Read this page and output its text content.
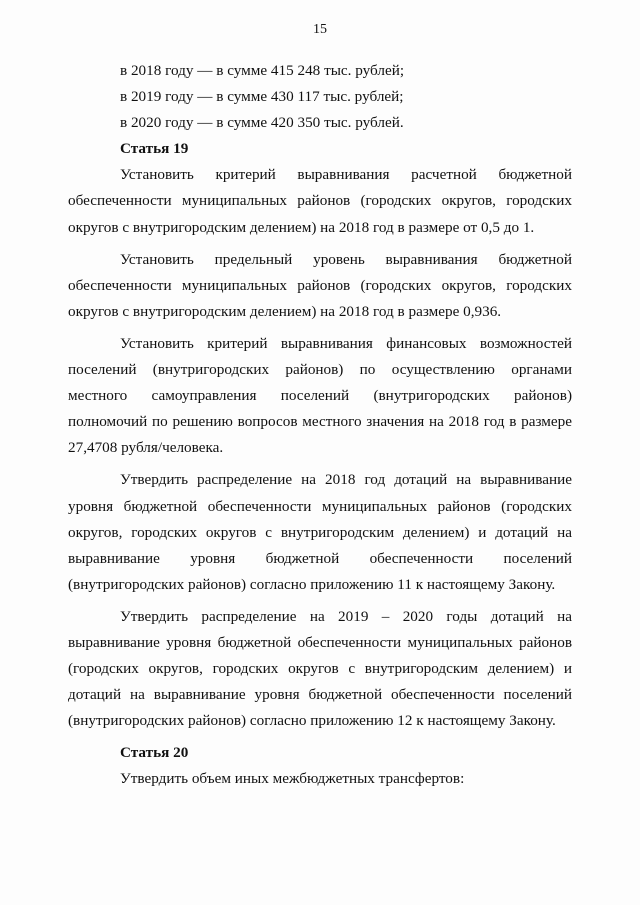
15

в 2018 году — в сумме 415 248 тыс. рублей;

в 2019 году — в сумме 430 117 тыс. рублей;

в 2020 году — в сумме 420 350 тыс. рублей.

Статья 19

Установить критерий выравнивания расчетной бюджетной обеспеченности муниципальных районов (городских округов, городских округов с внутригородским делением) на 2018 год в размере от 0,5 до 1.

Установить предельный уровень выравнивания бюджетной обеспеченности муниципальных районов (городских округов, городских округов с внутригородским делением) на 2018 год в размере 0,936.

Установить критерий выравнивания финансовых возможностей поселений (внутригородских районов) по осуществлению органами местного самоуправления поселений (внутригородских районов) полномочий по решению вопросов местного значения на 2018 год в размере 27,4708 рубля/человека.

Утвердить распределение на 2018 год дотаций на выравнивание уровня бюджетной обеспеченности муниципальных районов (городских округов, городских округов с внутригородским делением) и дотаций на выравнивание уровня бюджетной обеспеченности поселений (внутригородских районов) согласно приложению 11 к настоящему Закону.

Утвердить распределение на 2019 – 2020 годы дотаций на выравнивание уровня бюджетной обеспеченности муниципальных районов (городских округов, городских округов с внутригородским делением) и дотаций на выравнивание уровня бюджетной обеспеченности поселений (внутригородских районов) согласно приложению 12 к настоящему Закону.

Статья 20

Утвердить объем иных межбюджетных трансфертов:
